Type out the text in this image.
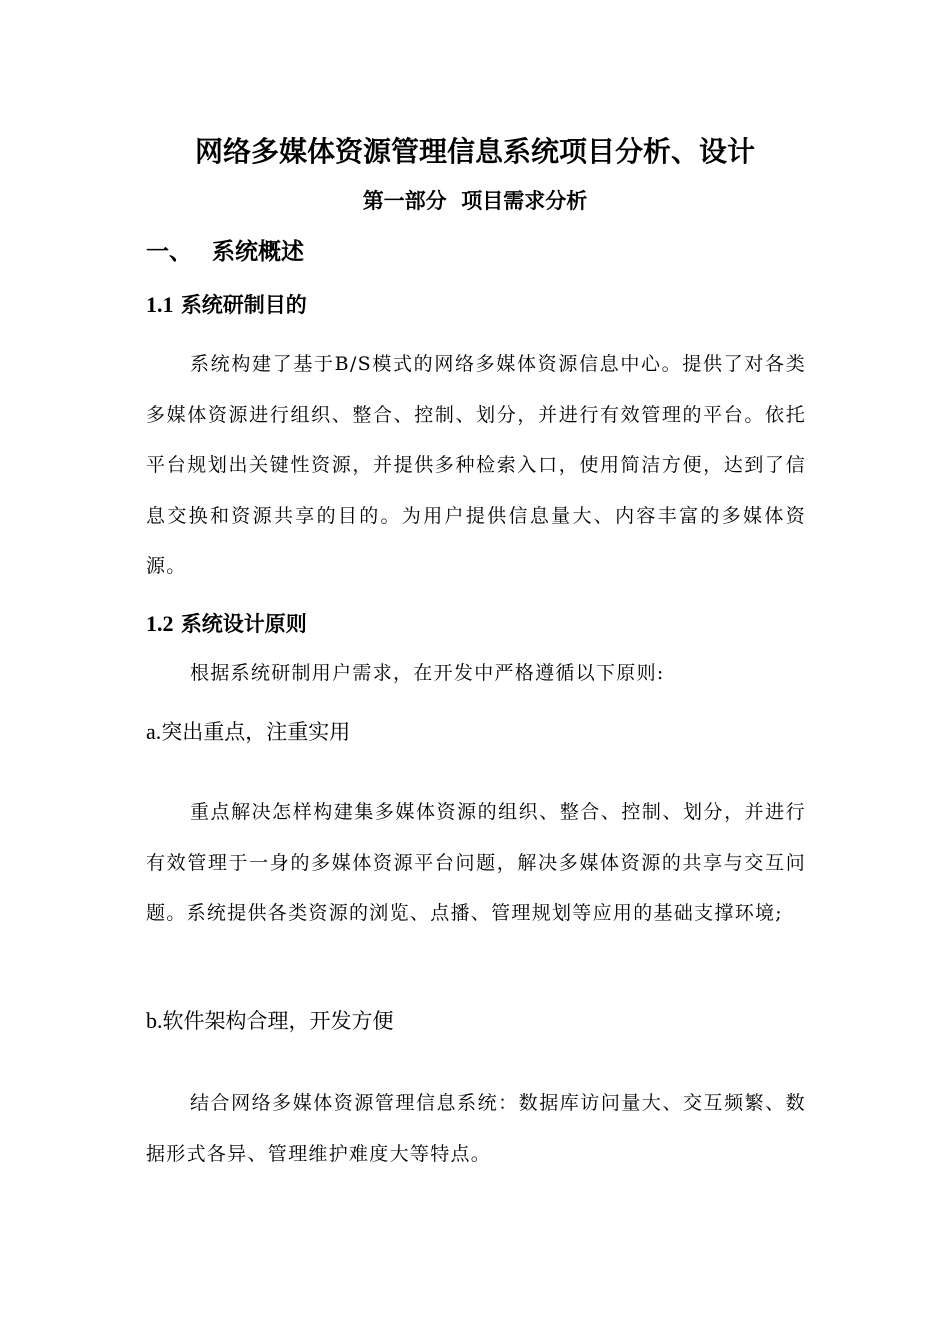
网络多媒体资源管理信息系统项目分析、设计
第一部分  项目需求分析
一、 系统概述
1.1 系统研制目的

系统构建了基于B/S模式的网络多媒体资源信息中心。提供了对各类多媒体资源进行组织、整合、控制、划分，并进行有效管理的平台。依托平台规划出关键性资源，并提供多种检索入口，使用简洁方便，达到了信息交换和资源共享的目的。为用户提供信息量大、内容丰富的多媒体资源。

1.2 系统设计原则

根据系统研制用户需求，在开发中严格遵循以下原则:

a.突出重点，注重实用

重点解决怎样构建集多媒体资源的组织、整合、控制、划分，并进行有效管理于一身的多媒体资源平台问题，解决多媒体资源的共享与交互问题。系统提供各类资源的浏览、点播、管理规划等应用的基础支撑环境;

b.软件架构合理，开发方便

结合网络多媒体资源管理信息系统：数据库访问量大、交互频繁、数据形式各异、管理维护难度大等特点。
